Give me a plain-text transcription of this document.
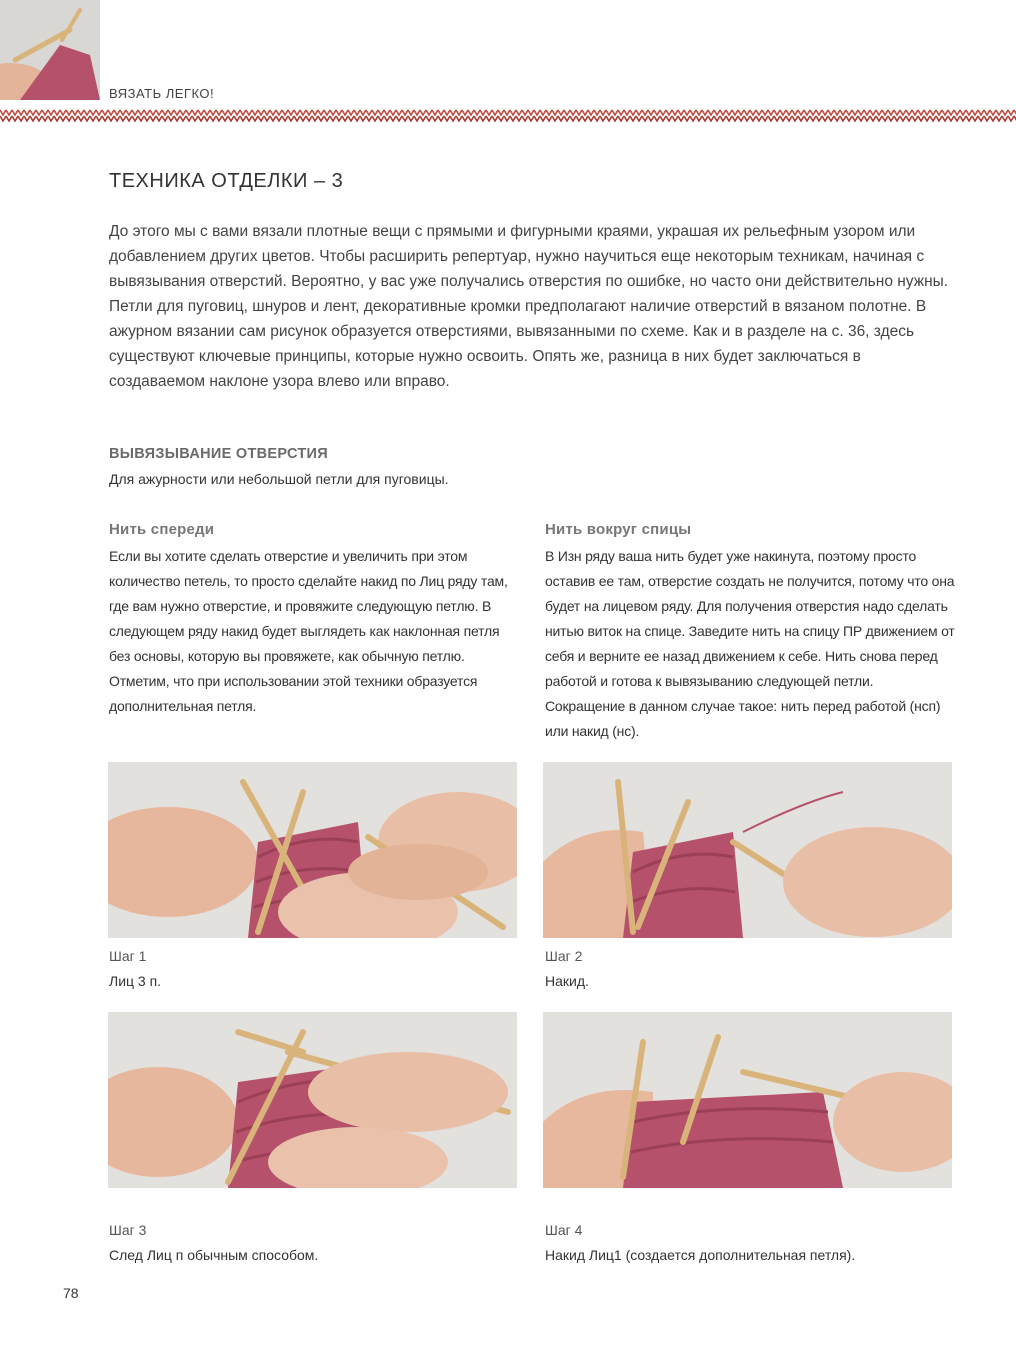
ВЯЗАТЬ ЛЕГКО!
ТЕХНИКА ОТДЕЛКИ – 3

До этого мы с вами вязали плотные вещи с прямыми и фигурными краями, украшая их рельефным узором или добавлением других цветов. Чтобы расширить репертуар, нужно научиться еще некоторым техникам, начиная с вывязывания отверстий. Вероятно, у вас уже получались отверстия по ошибке, но часто они действительно нужны. Петли для пуговиц, шнуров и лент, декоративные кромки предполагают наличие отверстий в вязаном полотне. В ажурном вязании сам рисунок образуется отверстиями, вывязанными по схеме. Как и в разделе на с. 36, здесь существуют ключевые принципы, которые нужно освоить. Опять же, разница в них будет заключаться в создаваемом наклоне узора влево или вправо.

ВЫВЯЗЫВАНИЕ ОТВЕРСТИЯ
Для ажурности или небольшой петли для пуговицы.
Нить спереди

Если вы хотите сделать отверстие и увеличить при этом количество петель, то просто сделайте накид по Лиц ряду там, где вам нужно отверстие, и провяжите следующую петлю. В следующем ряду накид будет выглядеть как наклонная петля без основы, которую вы провяжете, как обычную петлю. Отметим, что при использовании этой техники образуется дополнительная петля.

Нить вокруг спицы

В Изн ряду ваша нить будет уже накинута, поэтому просто оставив ее там, отверстие создать не получится, потому что она будет на лицевом ряду. Для получения отверстия надо сделать нитью виток на спице. Заведите нить на спицу ПР движением от себя и верните ее назад движением к себе. Нить снова перед работой и готова к вывязыванию следующей петли. Сокращение в данном случае такое: нить перед работой (нсп) или накид (нс).

Шаг 1
Лиц 3 п.
Шаг 2
Накид.
Шаг 3
След Лиц п обычным способом.
Шаг 4
Накид Лиц1 (создается дополнительная петля).
78
